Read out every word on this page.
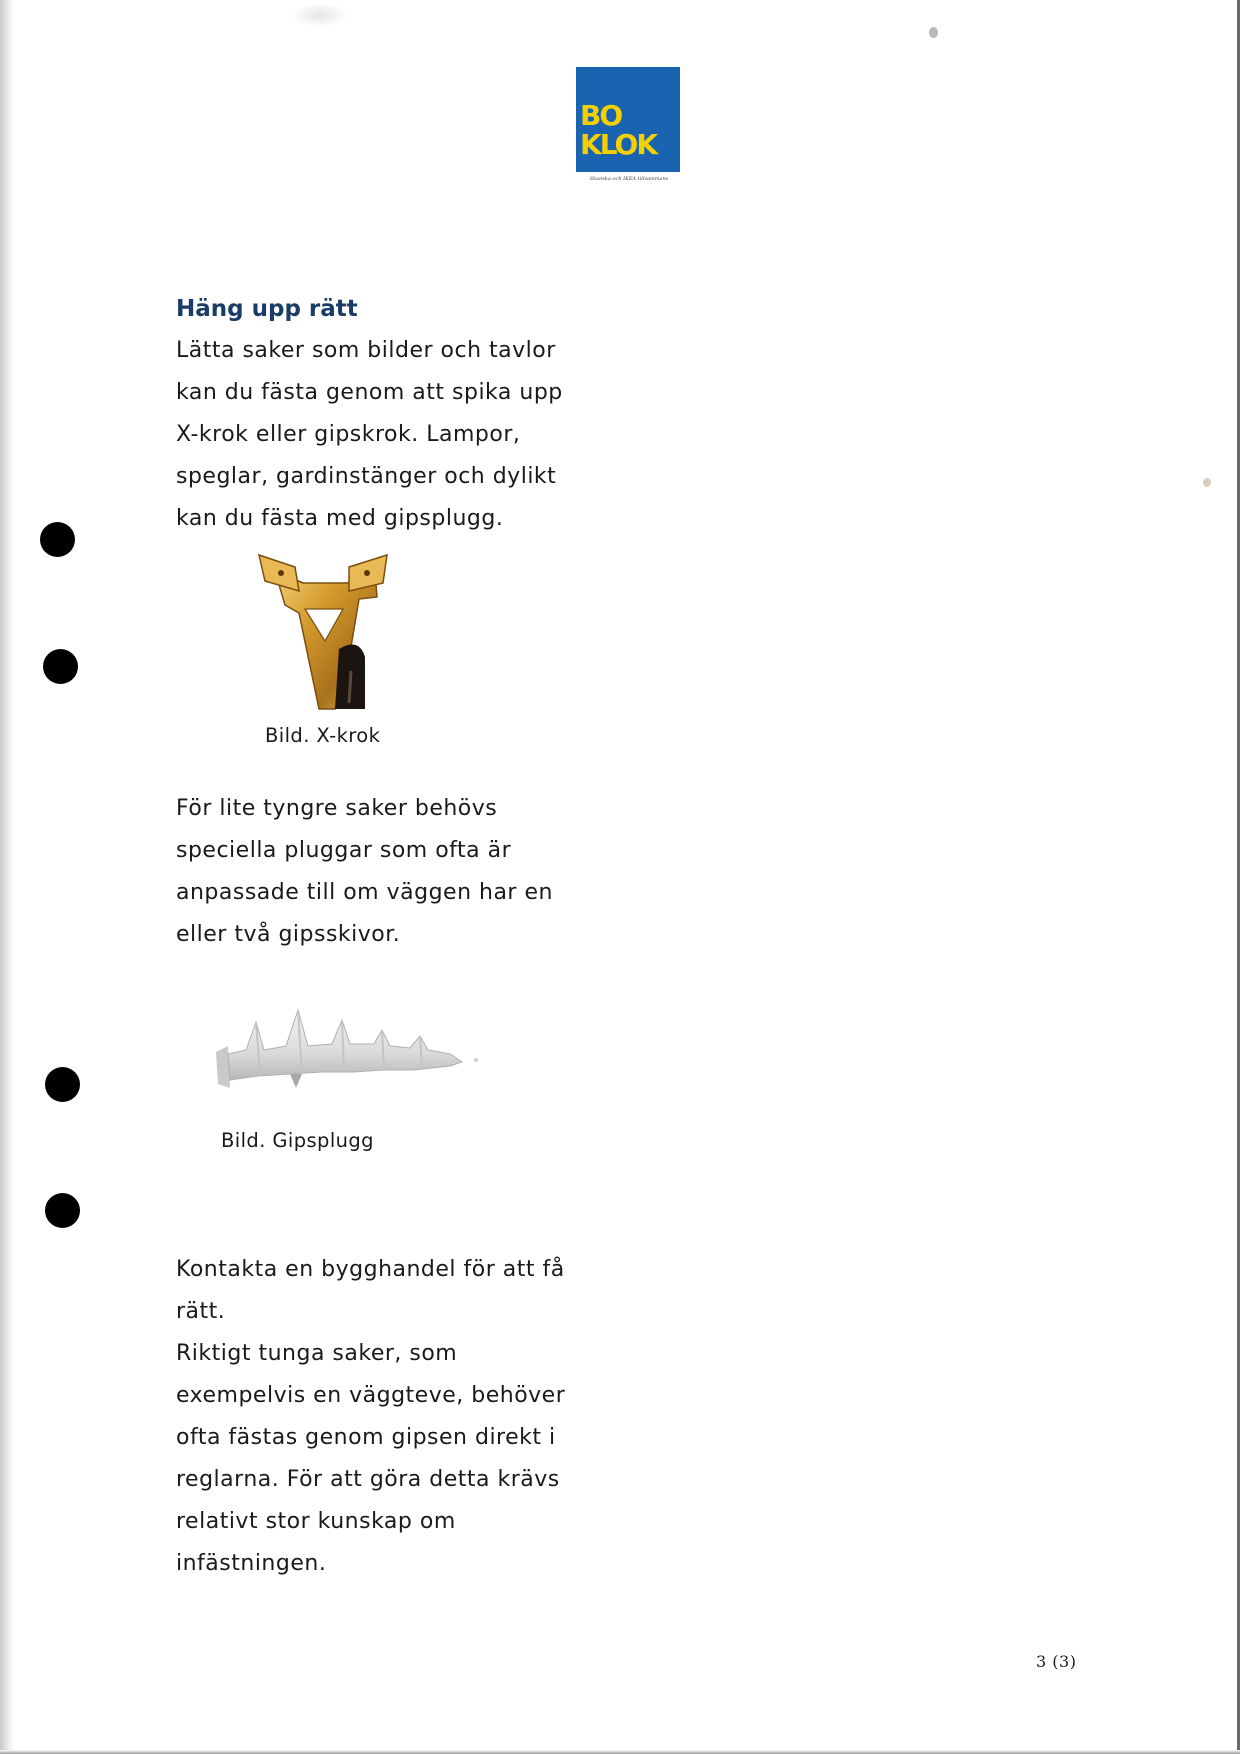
BO
KLOK
Skanska och IKEA tillsammans
Häng upp rätt

Lätta saker som bilder och tavlor
kan du fästa genom att spika upp
X-krok eller gipskrok. Lampor,
speglar, gardinstänger och dylikt
kan du fästa med gipsplugg.

Bild. X-krok

För lite tyngre saker behövs
speciella pluggar som ofta är
anpassade till om väggen har en
eller två gipsskivor.

Bild. Gipsplugg

Kontakta en bygghandel för att få
rätt.
Riktigt tunga saker, som
exempelvis en väggteve, behöver
ofta fästas genom gipsen direkt i
reglarna. För att göra detta krävs
relativt stor kunskap om
infästningen.

3 (3)
